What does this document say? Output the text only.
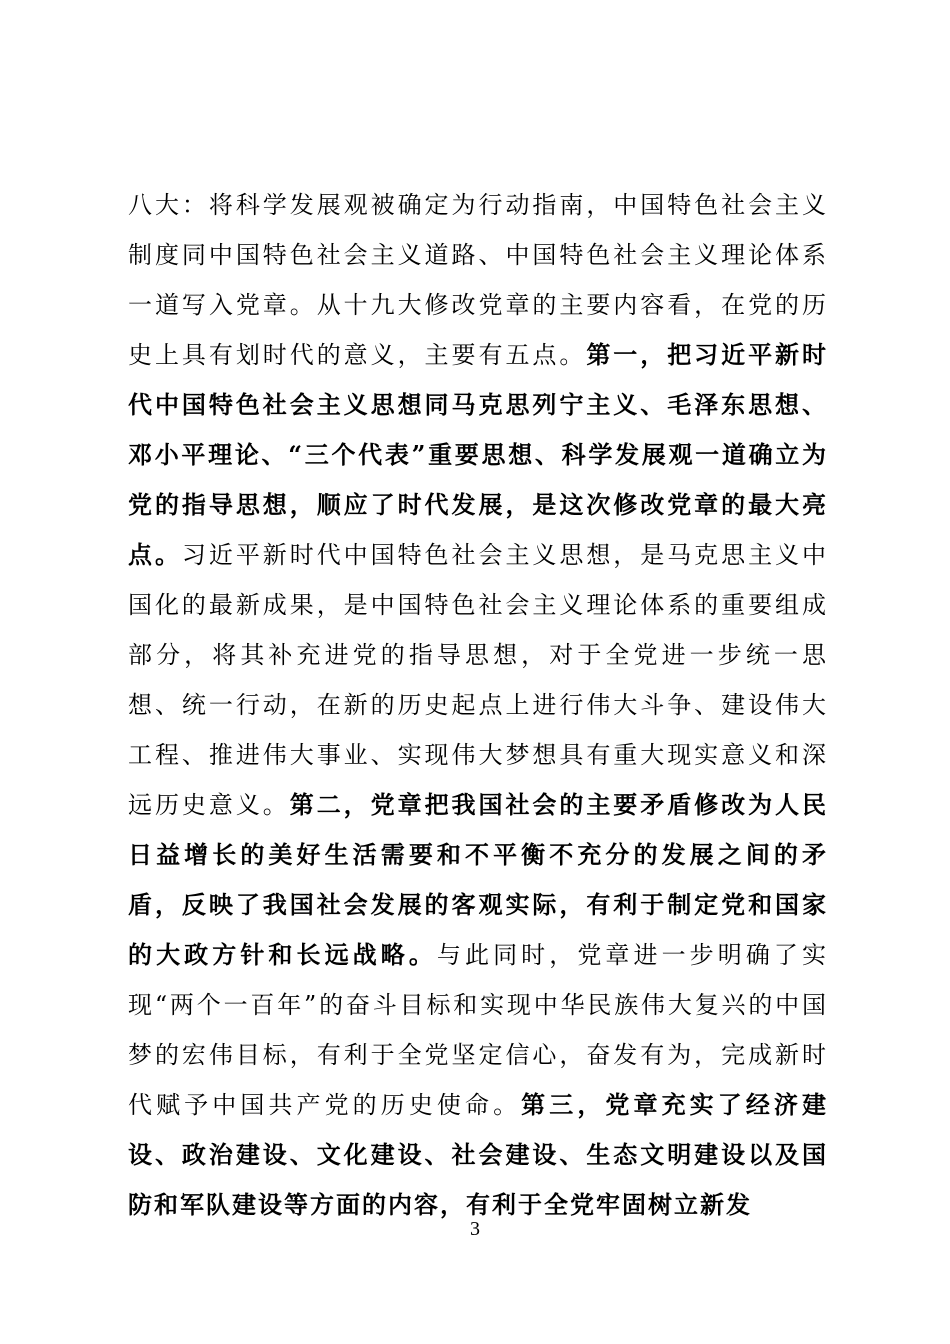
八大：将科学发展观被确定为行动指南，中国特色社会主义制度同中国特色社会主义道路、中国特色社会主义理论体系一道写入党章。从十九大修改党章的主要内容看，在党的历史上具有划时代的意义，主要有五点。第一，把习近平新时代中国特色社会主义思想同马克思列宁主义、毛泽东思想、邓小平理论、“三个代表”重要思想、科学发展观一道确立为党的指导思想，顺应了时代发展，是这次修改党章的最大亮点。习近平新时代中国特色社会主义思想，是马克思主义中国化的最新成果，是中国特色社会主义理论体系的重要组成部分，将其补充进党的指导思想，对于全党进一步统一思想、统一行动，在新的历史起点上进行伟大斗争、建设伟大工程、推进伟大事业、实现伟大梦想具有重大现实意义和深远历史意义。第二，党章把我国社会的主要矛盾修改为人民日益增长的美好生活需要和不平衡不充分的发展之间的矛盾，反映了我国社会发展的客观实际，有利于制定党和国家的大政方针和长远战略。与此同时，党章进一步明确了实现“两个一百年”的奋斗目标和实现中华民族伟大复兴的中国梦的宏伟目标，有利于全党坚定信心，奋发有为，完成新时代赋予中国共产党的历史使命。第三，党章充实了经济建设、政治建设、文化建设、社会建设、生态文明建设以及国防和军队建设等方面的内容，有利于全党牢固树立新发

3
